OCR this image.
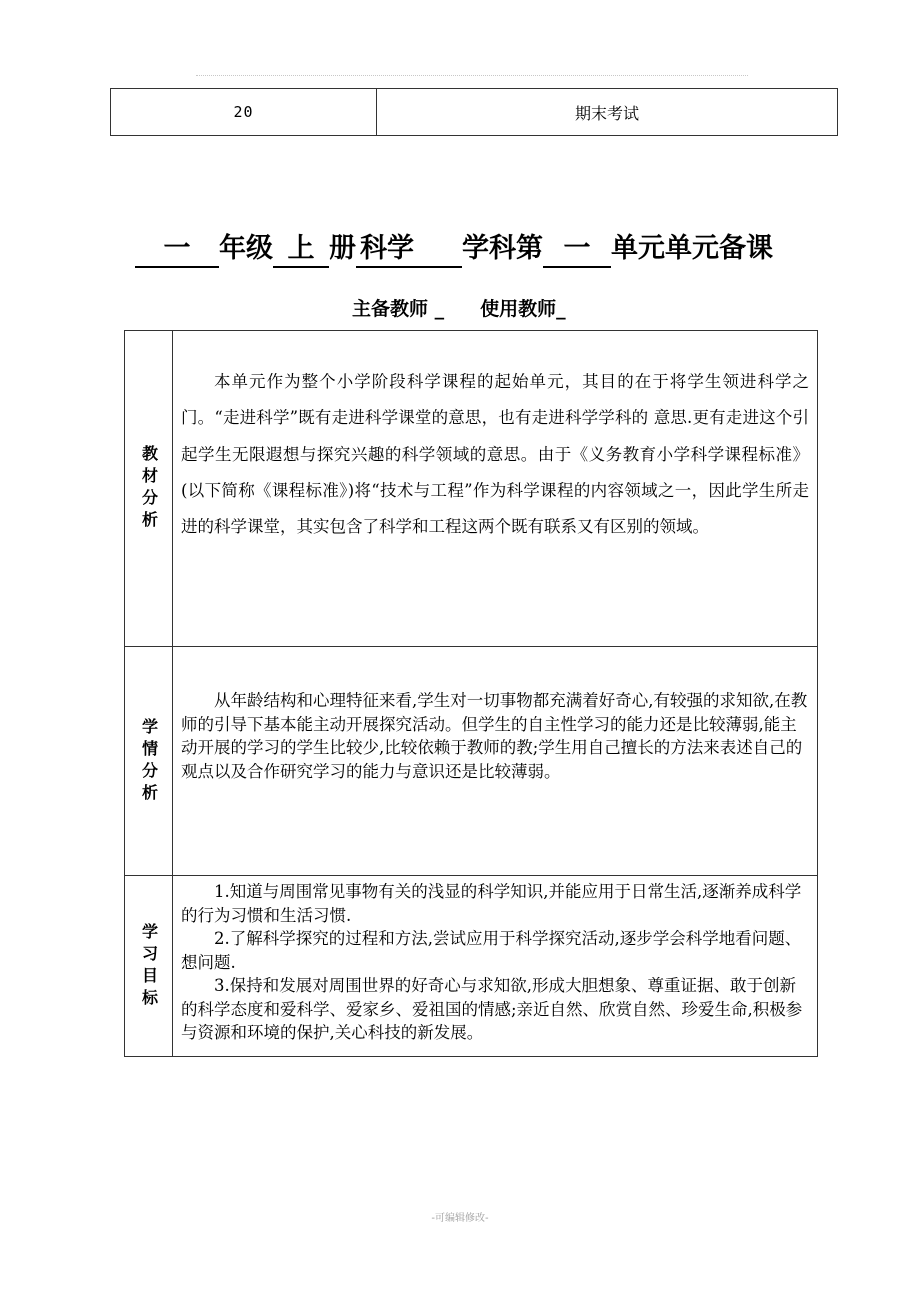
20	期末考试
一	年级 上 册 科学	学科第 一 单元单元备课
主备教师 _ 使用教师_
教材分析

本单元作为整个小学阶段科学课程的起始单元，其目的在于将学生领进科学之门。“走进科学”既有走进科学课堂的意思，也有走进科学学科的 意思.更有走进这个引起学生无限遐想与探究兴趣的科学领域的意思。由于《义务教育小学科学课程标准》(以下简称《课程标准》)将“技术与工程”作为科学课程的内容领域之一，因此学生所走进的科学课堂，其实包含了科学和工程这两个既有联系又有区别的领域。

学情分析

从年龄结构和心理特征来看,学生对一切事物都充满着好奇心,有较强的求知欲,在教师的引导下基本能主动开展探究活动。但学生的自主性学习的能力还是比较薄弱,能主动开展的学习的学生比较少,比较依赖于教师的教;学生用自己擅长的方法来表述自己的观点以及合作研究学习的能力与意识还是比较薄弱。

学习目标

1.知道与周围常见事物有关的浅显的科学知识,并能应用于日常生活,逐渐养成科学的行为习惯和生活习惯.

2.了解科学探究的过程和方法,尝试应用于科学探究活动,逐步学会科学地看问题、想问题.

3.保持和发展对周围世界的好奇心与求知欲,形成大胆想象、尊重证据、敢于创新的科学态度和爱科学、爱家乡、爱祖国的情感;亲近自然、欣赏自然、珍爱生命,积极参与资源和环境的保护,关心科技的新发展。

-可编辑修改-
